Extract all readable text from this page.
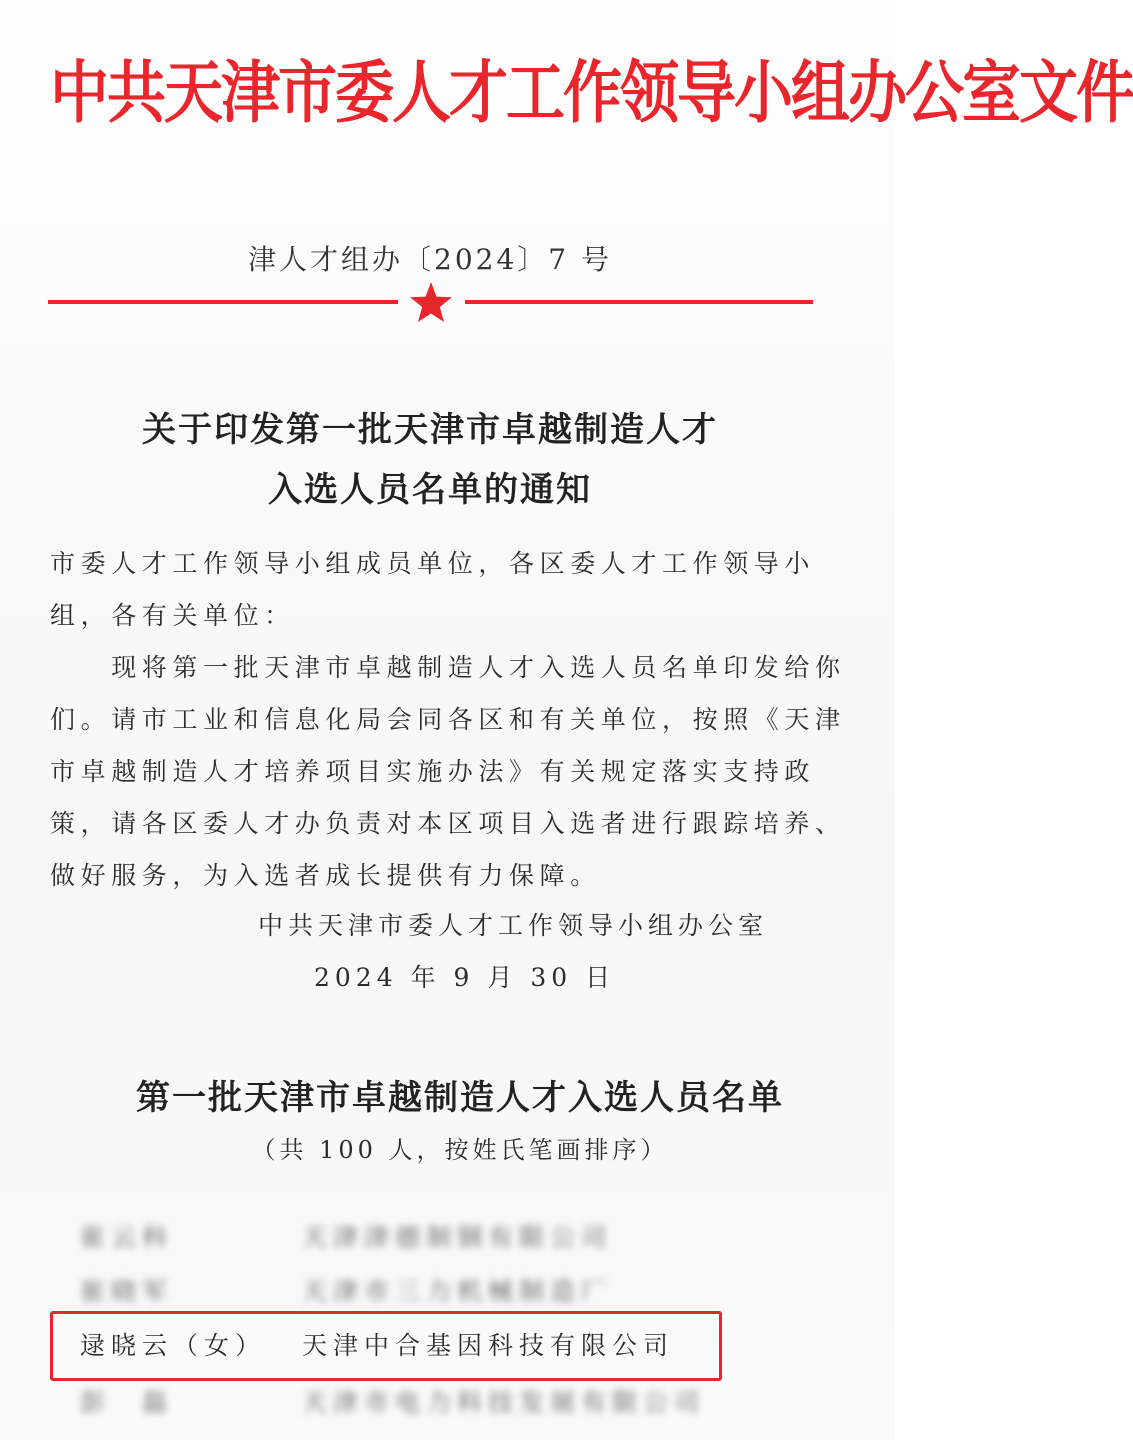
中共天津市委人才工作领导小组办公室文件
津人才组办〔2024〕7 号
关于印发第一批天津市卓越制造人才
入选人员名单的通知
市委人才工作领导小组成员单位，各区委人才工作领导小
组，各有关单位：
　　现将第一批天津市卓越制造人才入选人员名单印发给你
们。请市工业和信息化局会同各区和有关单位，按照《天津
市卓越制造人才培养项目实施办法》有关规定落实支持政
策，请各区委人才办负责对本区项目入选者进行跟踪培养、
做好服务，为入选者成长提供有力保障。
中共天津市委人才工作领导小组办公室
2024 年 9 月 30 日
第一批天津市卓越制造人才入选人员名单
（共 100 人，按姓氏笔画排序）
崔云科	天津津德制钢有限公司
崔晓军	天津市三力机械制造厂
逯晓云（女） 天津中合基因科技有限公司
彭　磊	天津市电力科技发展有限公司
